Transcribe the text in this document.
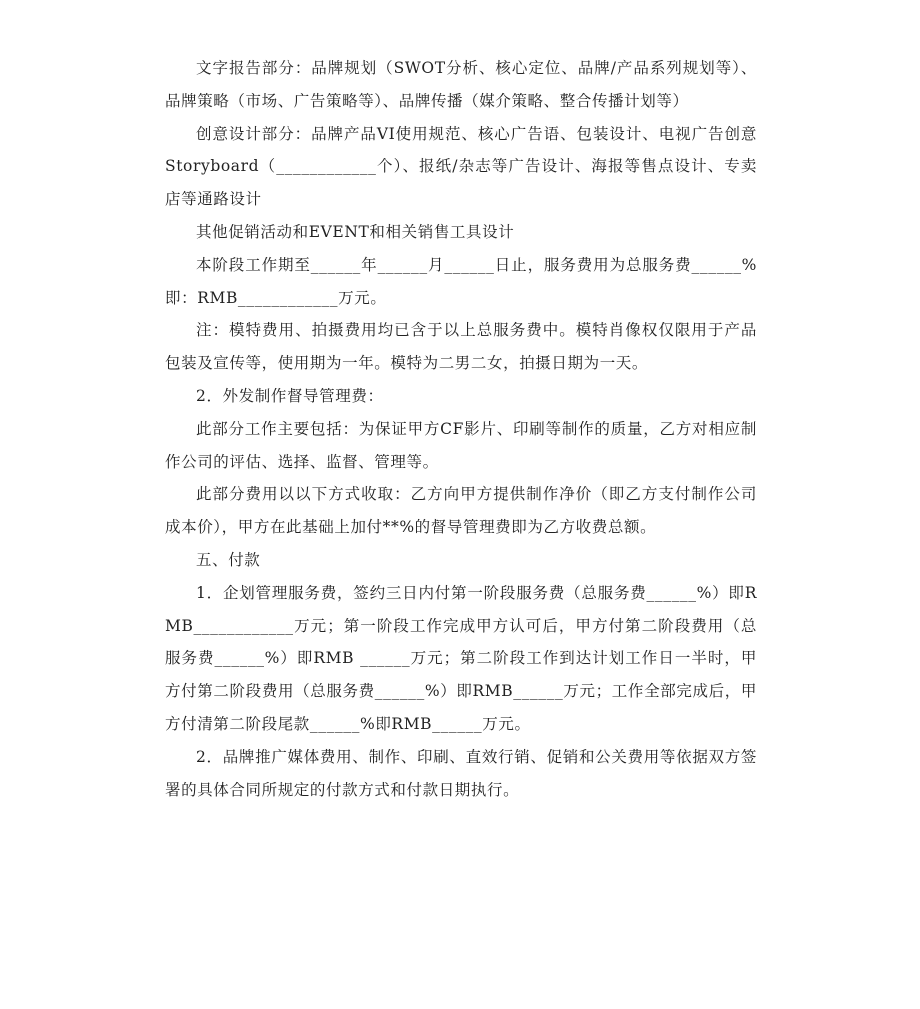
文字报告部分：品牌规划（SWOT分析、核心定位、品牌/产品系列规划等）、品牌策略（市场、广告策略等）、品牌传播（媒介策略、整合传播计划等）

创意设计部分：品牌产品VI使用规范、核心广告语、包装设计、电视广告创意Storyboard（____________个）、报纸/杂志等广告设计、海报等售点设计、专卖店等通路设计

其他促销活动和EVENT和相关销售工具设计

本阶段工作期至______年______月______日止，服务费用为总服务费______%即：RMB____________万元。

注：模特费用、拍摄费用均已含于以上总服务费中。模特肖像权仅限用于产品包装及宣传等，使用期为一年。模特为二男二女，拍摄日期为一天。

2．外发制作督导管理费：

此部分工作主要包括：为保证甲方CF影片、印刷等制作的质量，乙方对相应制作公司的评估、选择、监督、管理等。

此部分费用以以下方式收取：乙方向甲方提供制作净价（即乙方支付制作公司成本价），甲方在此基础上加付**%的督导管理费即为乙方收费总额。

五、付款

1．企划管理服务费，签约三日内付第一阶段服务费（总服务费______%）即RMB____________万元；第一阶段工作完成甲方认可后，甲方付第二阶段费用（总服务费______%）即RMB ______万元；第二阶段工作到达计划工作日一半时，甲方付第二阶段费用（总服务费______%）即RMB______万元；工作全部完成后，甲方付清第二阶段尾款______%即RMB______万元。

2．品牌推广媒体费用、制作、印刷、直效行销、促销和公关费用等依据双方签署的具体合同所规定的付款方式和付款日期执行。
